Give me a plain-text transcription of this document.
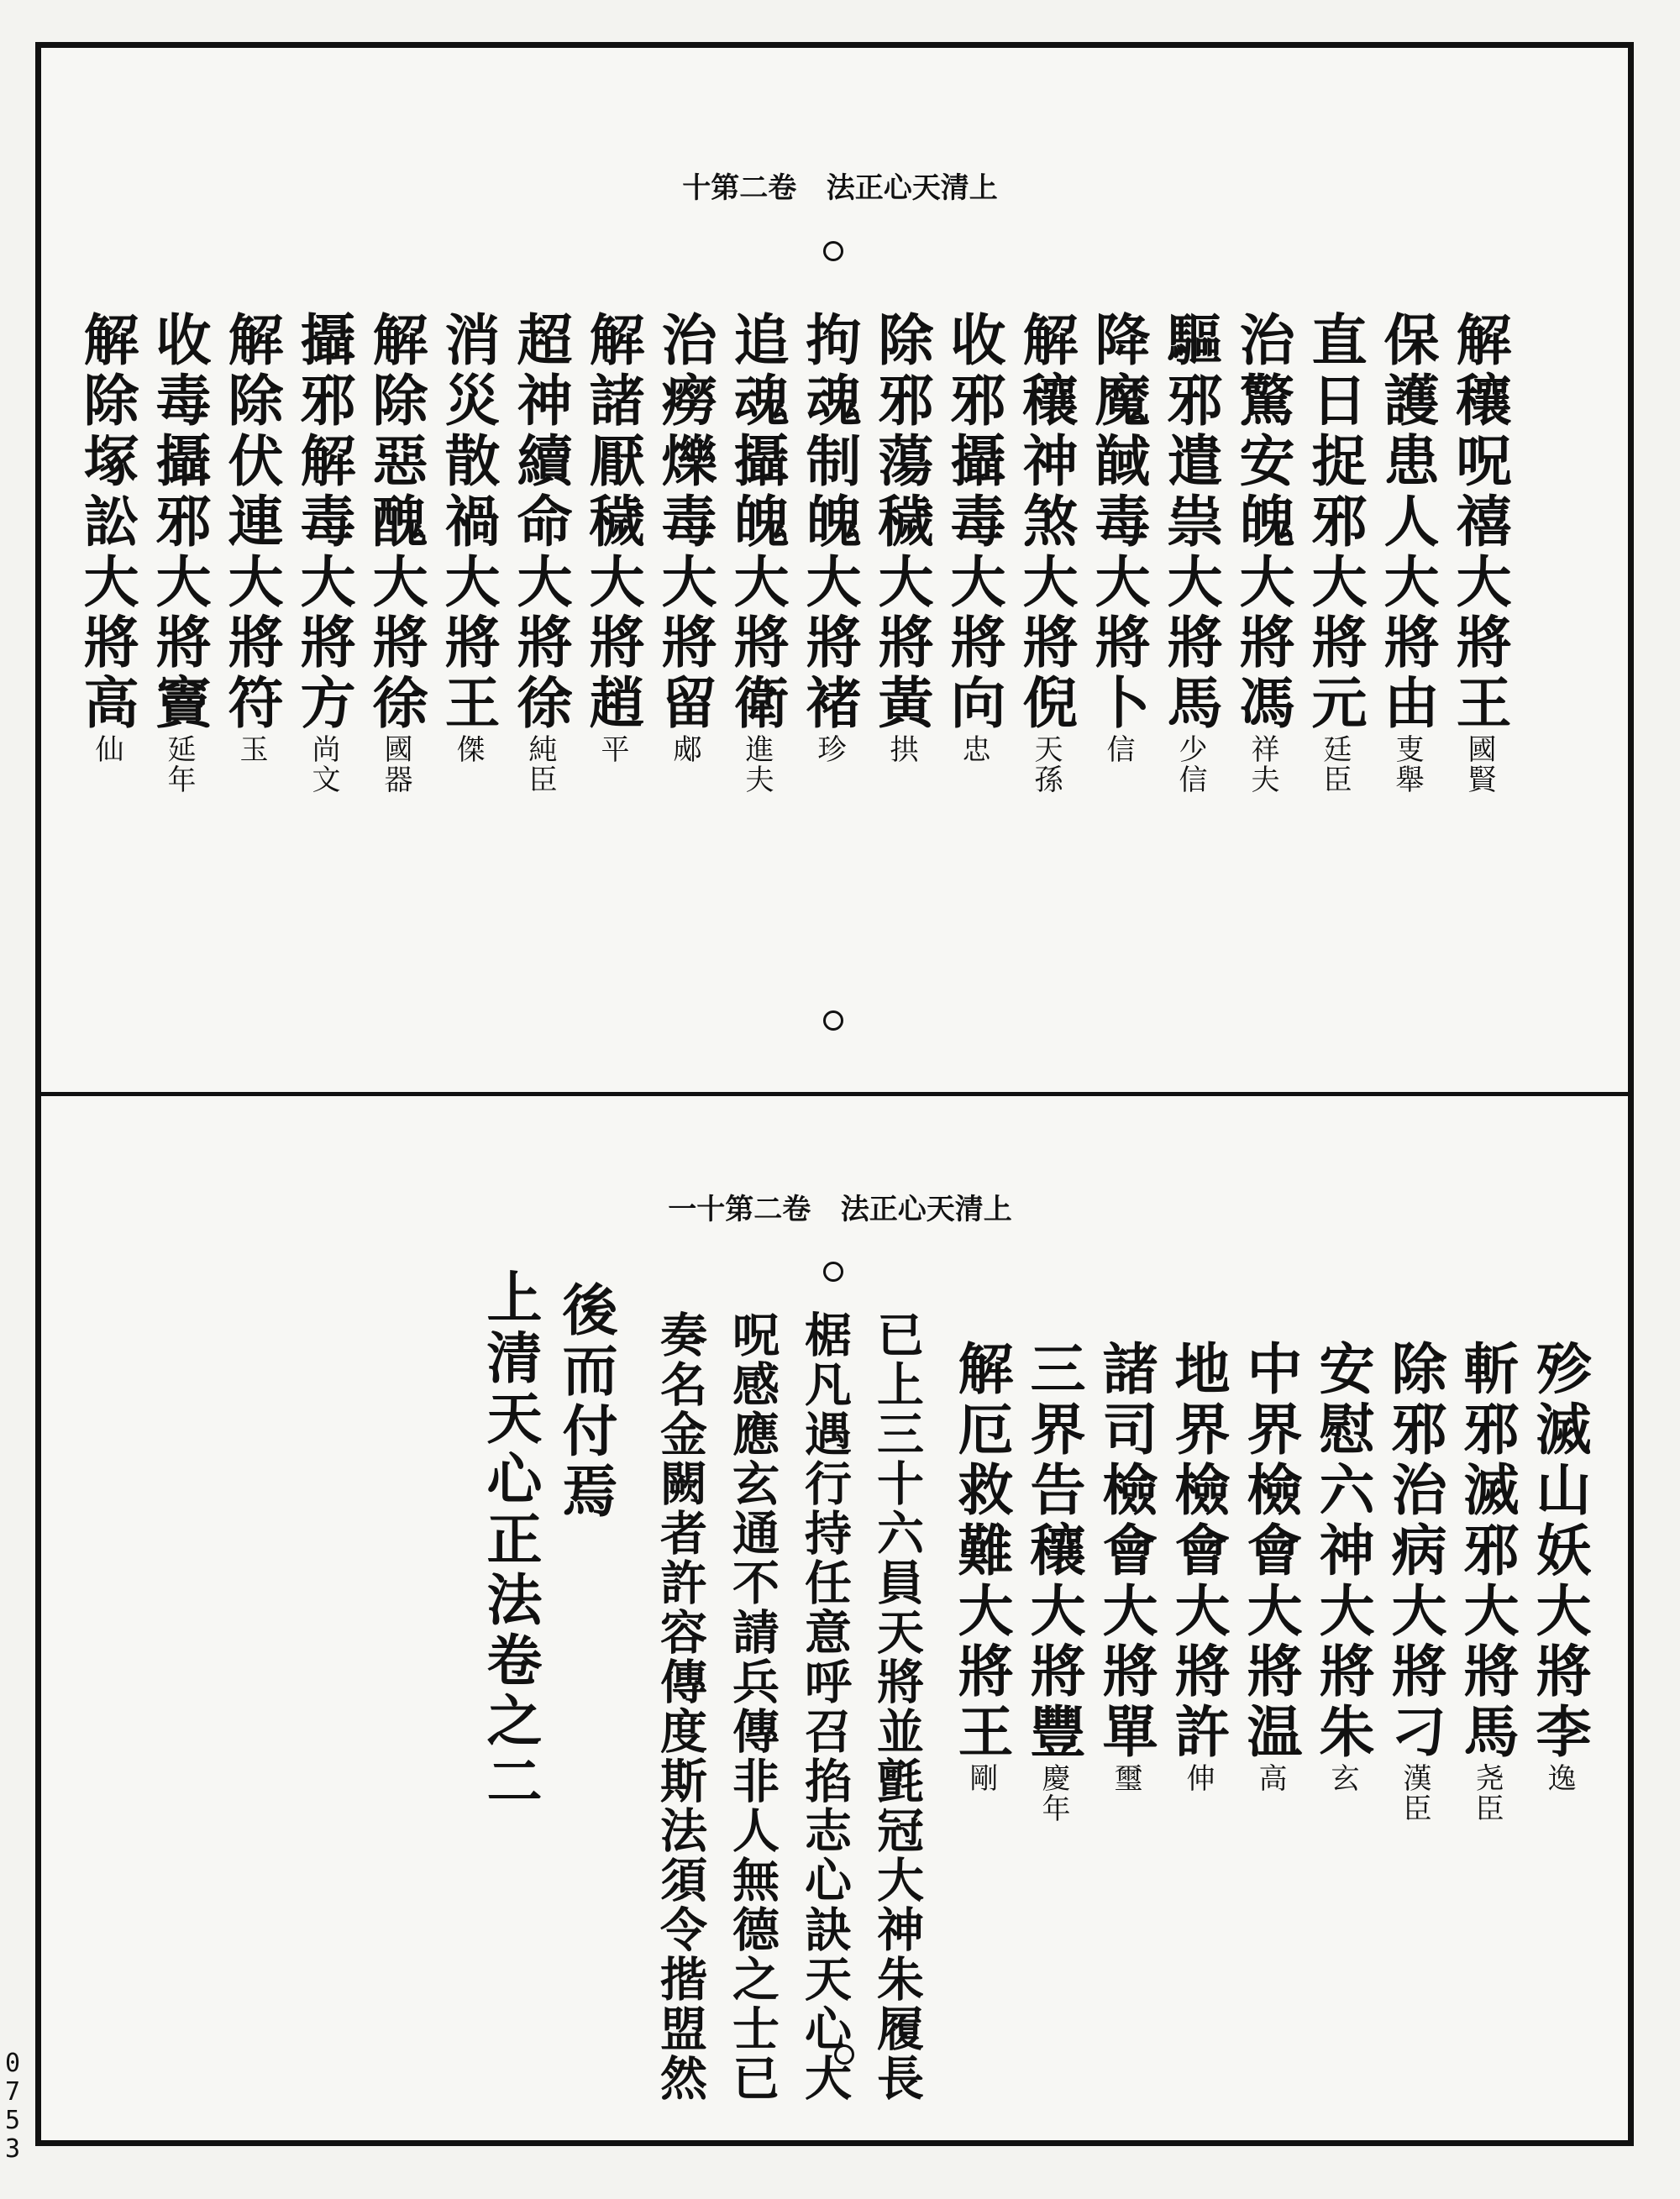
十第二卷   法正心天清上
解穰呪禧大將王國賢
保護患人大將由叓舉
直日捉邪大將元廷臣
治驚安魄大將馮祥夫
驅邪遣祟大將馬少信
降魔馘毒大將卜信
解穰神煞大將倪天孫
收邪攝毒大將向忠
除邪蕩穢大將黃拱
拘魂制魄大將褚珍
追魂攝魄大將衛進夫
治癆爍毒大將留郕
解諸厭穢大將趙平
超神續命大將徐純臣
消災散禍大將王傑
解除惡醜大將徐國器
攝邪解毒大將方尚文
解除伏連大將符玉
收毒攝邪大將竇延年
解除塚訟大將高仙
一十第二卷   法正心天清上
殄滅山妖大將李逸
斬邪滅邪大將馬尧臣
除邪治病大將刁漢臣
安慰六神大將朱玄
中界檢會大將温高
地界檢會大將許伸
諸司檢會大將單璽
三界告穰大將豐慶年
解厄救難大將王剛
已上三十六員天將並氈冠大神朱履長
椐凡遇行持任意呼召掐志心訣天心大
呪感應玄通不請兵傳非人無德之士已
奏名金闕者許容傳度斯法須令揩盟然
後而付焉
上清天心正法卷之二
0
7
5
3
